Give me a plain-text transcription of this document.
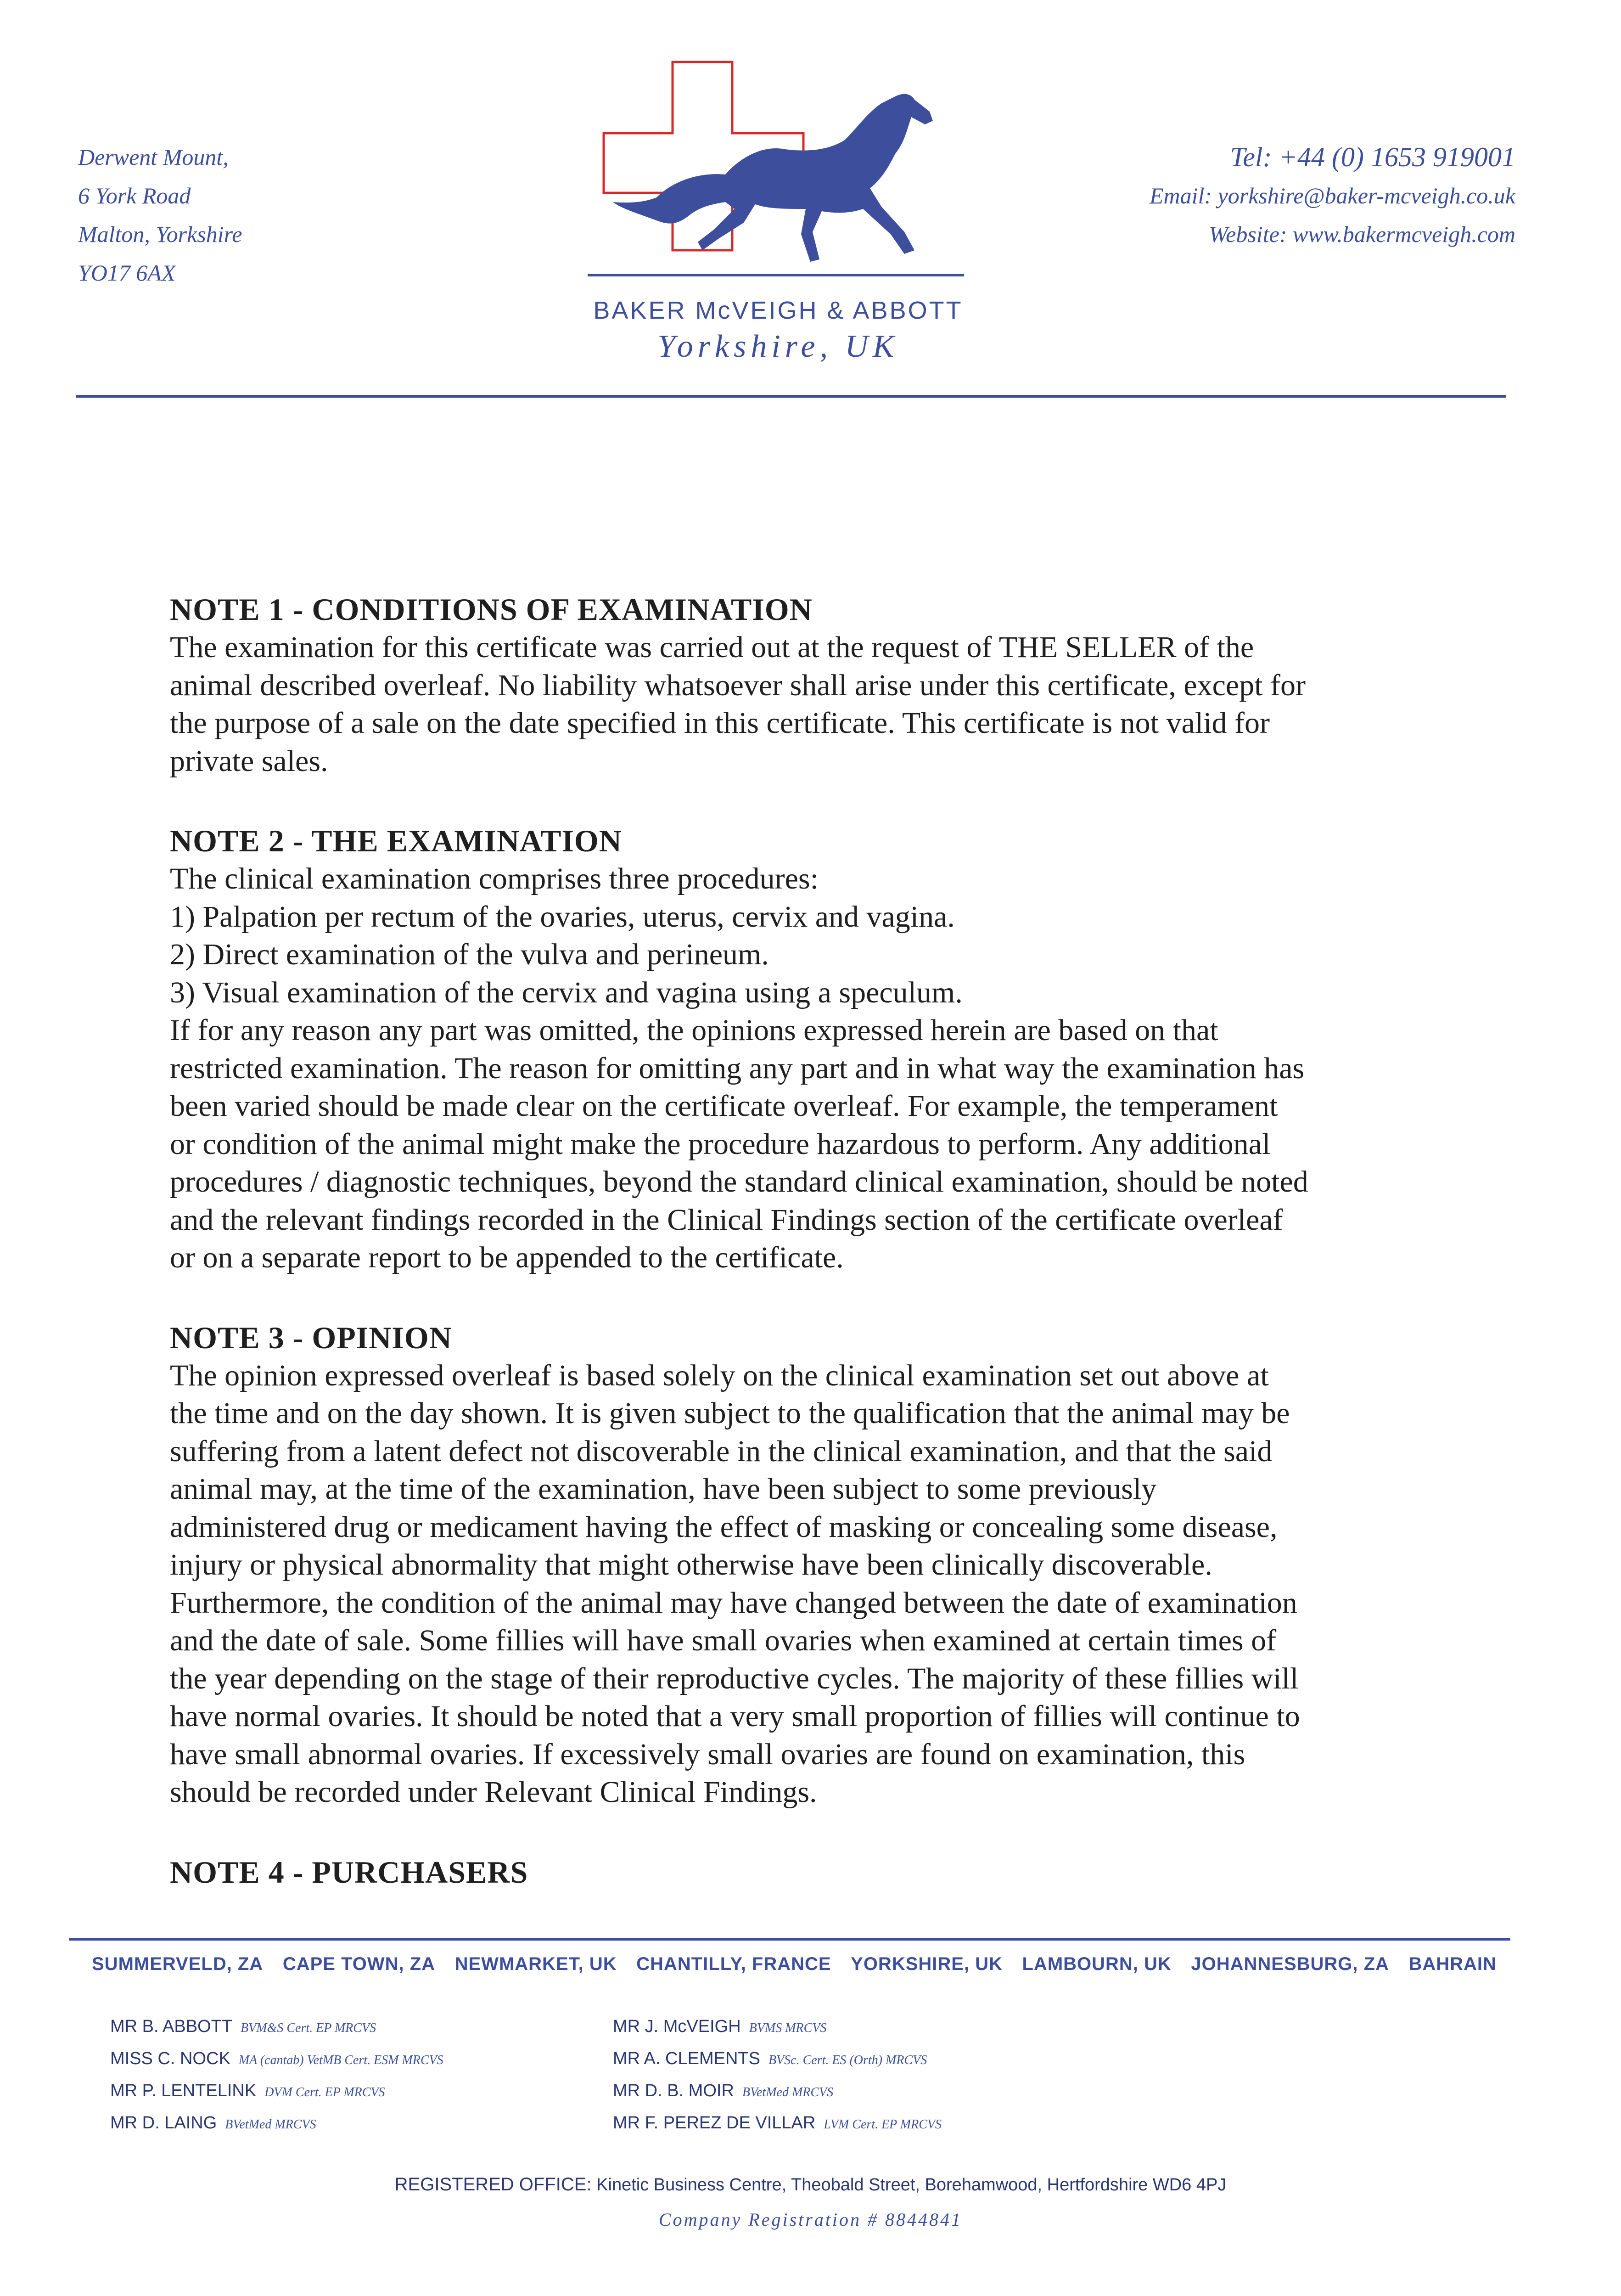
Derwent Mount,
6 York Road
Malton, Yorkshire
YO17 6AX
BAKER McVEIGH & ABBOTT
Yorkshire, UK
Tel: +44 (0) 1653 919001
Email: yorkshire@baker-mcveigh.co.uk
Website: www.bakermcveigh.com
NOTE 1 - CONDITIONS OF EXAMINATION

The examination for this certificate was carried out at the request of THE SELLER of the

animal described overleaf. No liability whatsoever shall arise under this certificate, except for

the purpose of a sale on the date specified in this certificate. This certificate is not valid for

private sales.

NOTE 2 - THE EXAMINATION

The clinical examination comprises three procedures:

1) Palpation per rectum of the ovaries, uterus, cervix and vagina.

2) Direct examination of the vulva and perineum.

3) Visual examination of the cervix and vagina using a speculum.

If for any reason any part was omitted, the opinions expressed herein are based on that

restricted examination. The reason for omitting any part and in what way the examination has

been varied should be made clear on the certificate overleaf. For example, the temperament

or condition of the animal might make the procedure hazardous to perform. Any additional

procedures / diagnostic techniques, beyond the standard clinical examination, should be noted

and the relevant findings recorded in the Clinical Findings section of the certificate overleaf

or on a separate report to be appended to the certificate.

NOTE 3 - OPINION

The opinion expressed overleaf is based solely on the clinical examination set out above at

the time and on the day shown. It is given subject to the qualification that the animal may be

suffering from a latent defect not discoverable in the clinical examination, and that the said

animal may, at the time of the examination, have been subject to some previously

administered drug or medicament having the effect of masking or concealing some disease,

injury or physical abnormality that might otherwise have been clinically discoverable.

Furthermore, the condition of the animal may have changed between the date of examination

and the date of sale. Some fillies will have small ovaries when examined at certain times of

the year depending on the stage of their reproductive cycles. The majority of these fillies will

have normal ovaries. It should be noted that a very small proportion of fillies will continue to

have small abnormal ovaries. If excessively small ovaries are found on examination, this

should be recorded under Relevant Clinical Findings.

NOTE 4 - PURCHASERS
SUMMERVELD, ZA CAPE TOWN, ZA NEWMARKET, UK CHANTILLY, FRANCE YORKSHIRE, UK LAMBOURN, UK JOHANNESBURG, ZA BAHRAIN
MR B. ABBOTT BVM&S Cert. EP MRCVS
MISS C. NOCK MA (cantab) VetMB Cert. ESM MRCVS
MR P. LENTELINK DVM Cert. EP MRCVS
MR D. LAING BVetMed MRCVS
MR J. McVEIGH BVMS MRCVS
MR A. CLEMENTS BVSc. Cert. ES (Orth) MRCVS
MR D. B. MOIR BVetMed MRCVS
MR F. PEREZ DE VILLAR LVM Cert. EP MRCVS
REGISTERED OFFICE: Kinetic Business Centre, Theobald Street, Borehamwood, Hertfordshire WD6 4PJ
Company Registration # 8844841
